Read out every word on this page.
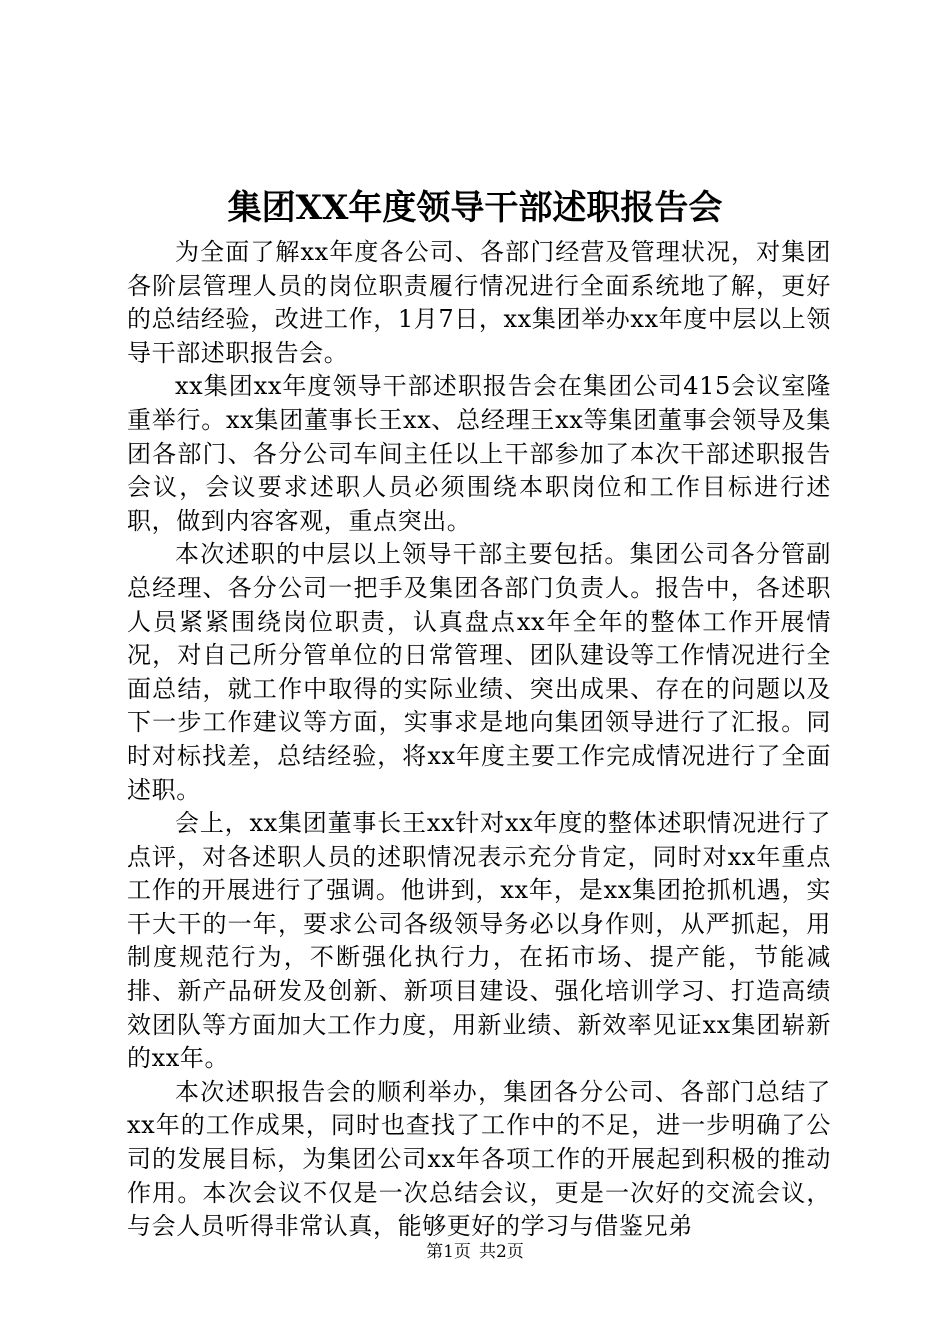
集团XX年度领导干部述职报告会

为全面了解xx年度各公司、各部门经营及管理状况，对集团各阶层管理人员的岗位职责履行情况进行全面系统地了解，更好的总结经验，改进工作，1月7日，xx集团举办xx年度中层以上领导干部述职报告会。

xx集团xx年度领导干部述职报告会在集团公司415会议室隆重举行。xx集团董事长王xx、总经理王xx等集团董事会领导及集团各部门、各分公司车间主任以上干部参加了本次干部述职报告会议，会议要求述职人员必须围绕本职岗位和工作目标进行述职，做到内容客观，重点突出。

本次述职的中层以上领导干部主要包括。集团公司各分管副总经理、各分公司一把手及集团各部门负责人。报告中，各述职人员紧紧围绕岗位职责，认真盘点xx年全年的整体工作开展情况，对自己所分管单位的日常管理、团队建设等工作情况进行全面总结，就工作中取得的实际业绩、突出成果、存在的问题以及下一步工作建议等方面，实事求是地向集团领导进行了汇报。同时对标找差，总结经验，将xx年度主要工作完成情况进行了全面述职。

会上，xx集团董事长王xx针对xx年度的整体述职情况进行了点评，对各述职人员的述职情况表示充分肯定，同时对xx年重点工作的开展进行了强调。他讲到，xx年，是xx集团抢抓机遇，实干大干的一年，要求公司各级领导务必以身作则，从严抓起，用制度规范行为，不断强化执行力，在拓市场、提产能，节能减排、新产品研发及创新、新项目建设、强化培训学习、打造高绩效团队等方面加大工作力度，用新业绩、新效率见证xx集团崭新的xx年。

本次述职报告会的顺利举办，集团各分公司、各部门总结了xx年的工作成果，同时也查找了工作中的不足，进一步明确了公司的发展目标，为集团公司xx年各项工作的开展起到积极的推动作用。本次会议不仅是一次总结会议，更是一次好的交流会议，与会人员听得非常认真，能够更好的学习与借鉴兄弟

第1页 共2页
